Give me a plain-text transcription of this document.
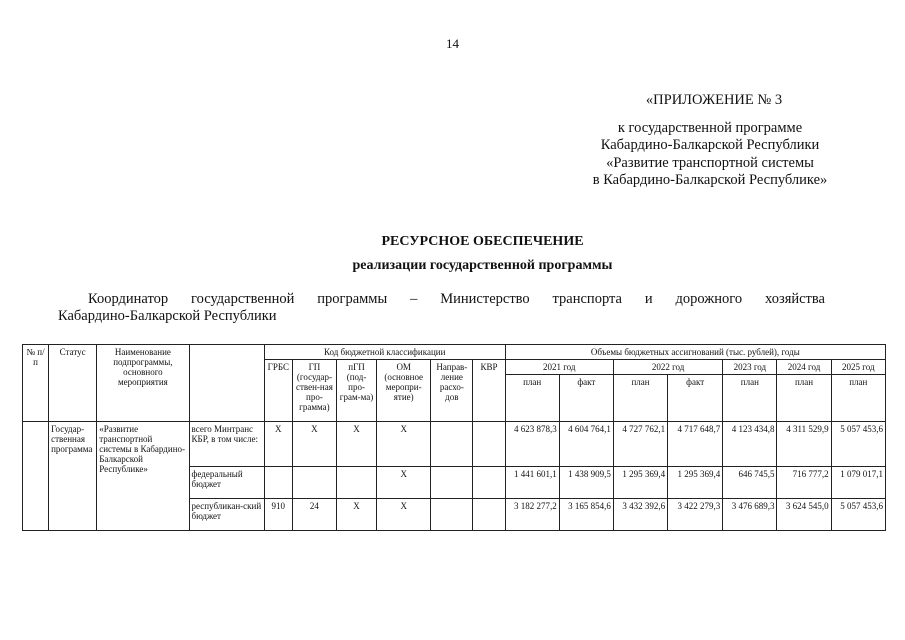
14
«ПРИЛОЖЕНИЕ № 3
к государственной программе
Кабардино-Балкарской Республики
«Развитие транспортной системы
в Кабардино-Балкарской Республике»
РЕСУРСНОЕ ОБЕСПЕЧЕНИЕ
реализации государственной программы
Координатор государственной программы – Министерство транспорта и дорожного хозяйства
Кабардино-Балкарской Республики
№ п/п	Статус	Наименование подпрограммы, основного мероприятия		Код бюджетной классификации						Объемы бюджетных ассигнований (тыс. рублей), годы						
				ГРБС	ГП (государ-ствен-ная про-грамма)	пГП (под-про-грам-ма)	ОМ (основное меропри-ятие)	Направ-ление расхо-дов	КВР	2021 год		2022 год		2023 год	2024 год	2025 год
										план	факт	план	факт	план	план	план
	Государ-ственная программа	«Развитие транспортной системы в Кабардино-Балкарской Республике»	всего Минтранс КБР, в том числе:	Х	Х	Х	Х			4 623 878,3	4 604 764,1	4 727 762,1	4 717 648,7	4 123 434,8	4 311 529,9	5 057 453,6
			федеральный бюджет				Х			1 441 601,1	1 438 909,5	1 295 369,4	1 295 369,4	646 745,5	716 777,2	1 079 017,1
			республикан-ский бюджет	910	24	Х	Х			3 182 277,2	3 165 854,6	3 432 392,6	3 422 279,3	3 476 689,3	3 624 545,0	5 057 453,6
